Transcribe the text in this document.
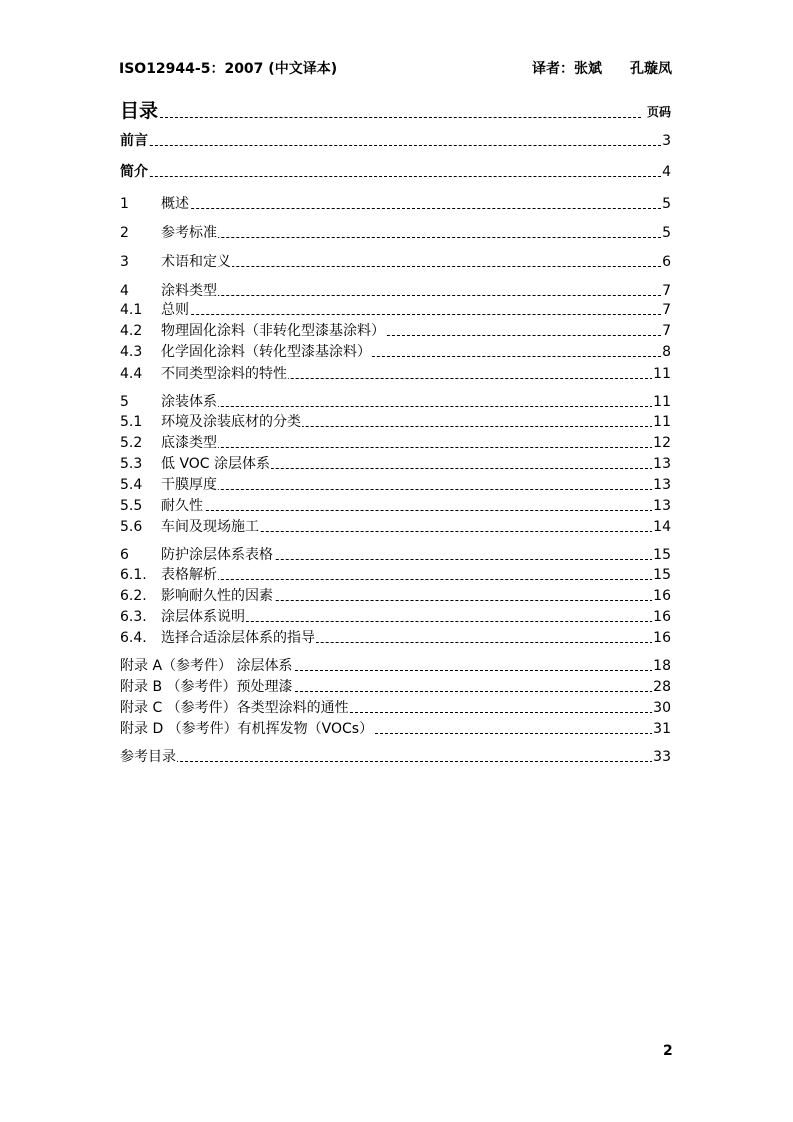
ISO12944-5：2007 (中文译本)	译者：张斌 孔璇凤
目录	页码
前言	3
简介	4
1 概述	5
2 参考标准	5
3 术语和定义	6
4 涂料类型	7
4.1 总则	7
4.2 物理固化涂料（非转化型漆基涂料）	7
4.3 化学固化涂料（转化型漆基涂料）	8
4.4 不同类型涂料的特性	11
5 涂装体系	11
5.1 环境及涂装底材的分类	11
5.2 底漆类型	12
5.3 低 VOC 涂层体系	13
5.4 干膜厚度	13
5.5 耐久性	13
5.6 车间及现场施工	14
6 防护涂层体系表格	15
6.1. 表格解析	15
6.2. 影响耐久性的因素	16
6.3. 涂层体系说明	16
6.4. 选择合适涂层体系的指导	16
附录 A（参考件） 涂层体系	18
附录 B （参考件）预处理漆	28
附录 C （参考件）各类型涂料的通性	30
附录 D （参考件）有机挥发物（VOCs）	31
参考目录	33
2
